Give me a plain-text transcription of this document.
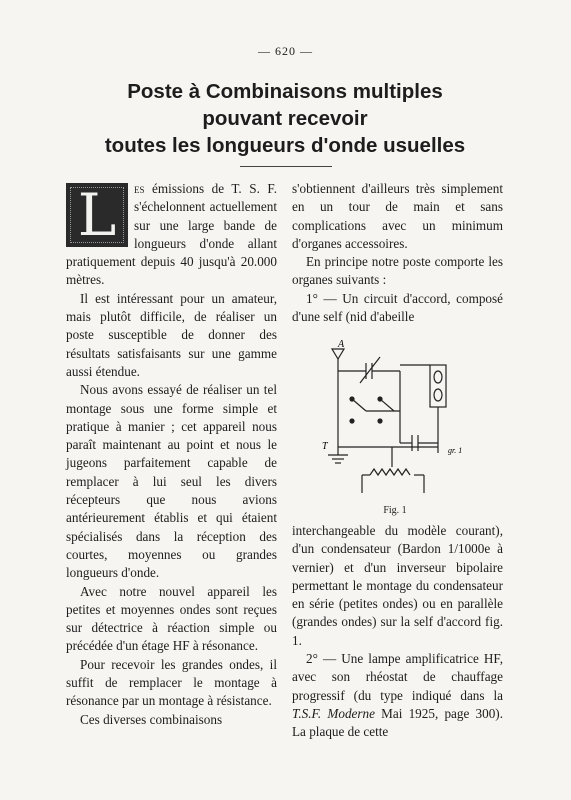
— 620 —
Poste à Combinaisons multiples
pouvant recevoir
toutes les longueurs d'onde usuelles

L	es émissions de T. S. F. s'échelonnent actuellement sur une large bande de longueurs d'onde allant pratiquement depuis 40 jusqu'à 20.000 mètres.

Il est intéressant pour un amateur, mais plutôt difficile, de réaliser un poste susceptible de donner des résultats satisfaisants sur une gamme aussi étendue.

Nous avons essayé de réaliser un tel montage sous une forme simple et pratique à manier ; cet appareil nous paraît maintenant au point et nous le jugeons parfaitement capable de remplacer à lui seul les divers récepteurs que nous avions antérieurement établis et qui étaient spécialisés dans la réception des courtes, moyennes ou grandes longueurs d'onde.

Avec notre nouvel appareil les petites et moyennes ondes sont reçues sur détectrice à réaction simple ou précédée d'un étage HF à résonance.

Pour recevoir les grandes ondes, il suffit de remplacer le montage à résonance par un montage à résistance.

Ces diverses combinaisons

s'obtiennent d'ailleurs très simplement en un tour de main et sans complications avec un minimum d'organes accessoires.

En principe notre poste comporte les organes suivants :

1° — Un circuit d'accord, composé d'une self (nid d'abeille

A
T	gr. 1
Fig. 1

interchangeable du modèle courant), d'un condensateur (Bardon 1/1000e à vernier) et d'un inverseur bipolaire permettant le montage du condensateur en série (petites ondes) ou en parallèle (grandes ondes) sur la self d'accord fig. 1.

2° — Une lampe amplificatrice HF, avec son rhéostat de chauffage progressif (du type indiqué dans la T.S.F. Moderne Mai 1925, page 300). La plaque de cette
